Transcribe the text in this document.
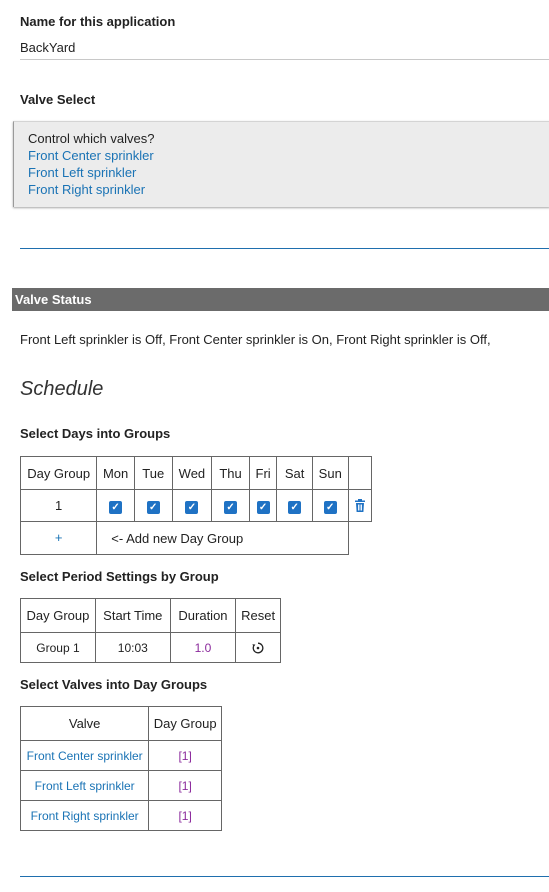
Name for this application
BackYard
Valve Select
Control which valves?
Front Center sprinkler
Front Left sprinkler
Front Right sprinkler
Valve Status
Front Left sprinkler is Off, Front Center sprinkler is On, Front Right sprinkler is Off,
Schedule
Select Days into Groups
Day Group	Mon	Tue	Wed	Thu	Fri	Sat	Sun	
1	✓	✓	✓	✓	✓	✓	✓	
+	<- Add new Day Group							
Select Period Settings by Group
Day Group	Start Time	Duration	Reset
Group 1	10:03	1.0	
Select Valves into Day Groups
Valve	Day Group
Front Center sprinkler	[1]
Front Left sprinkler	[1]
Front Right sprinkler	[1]
